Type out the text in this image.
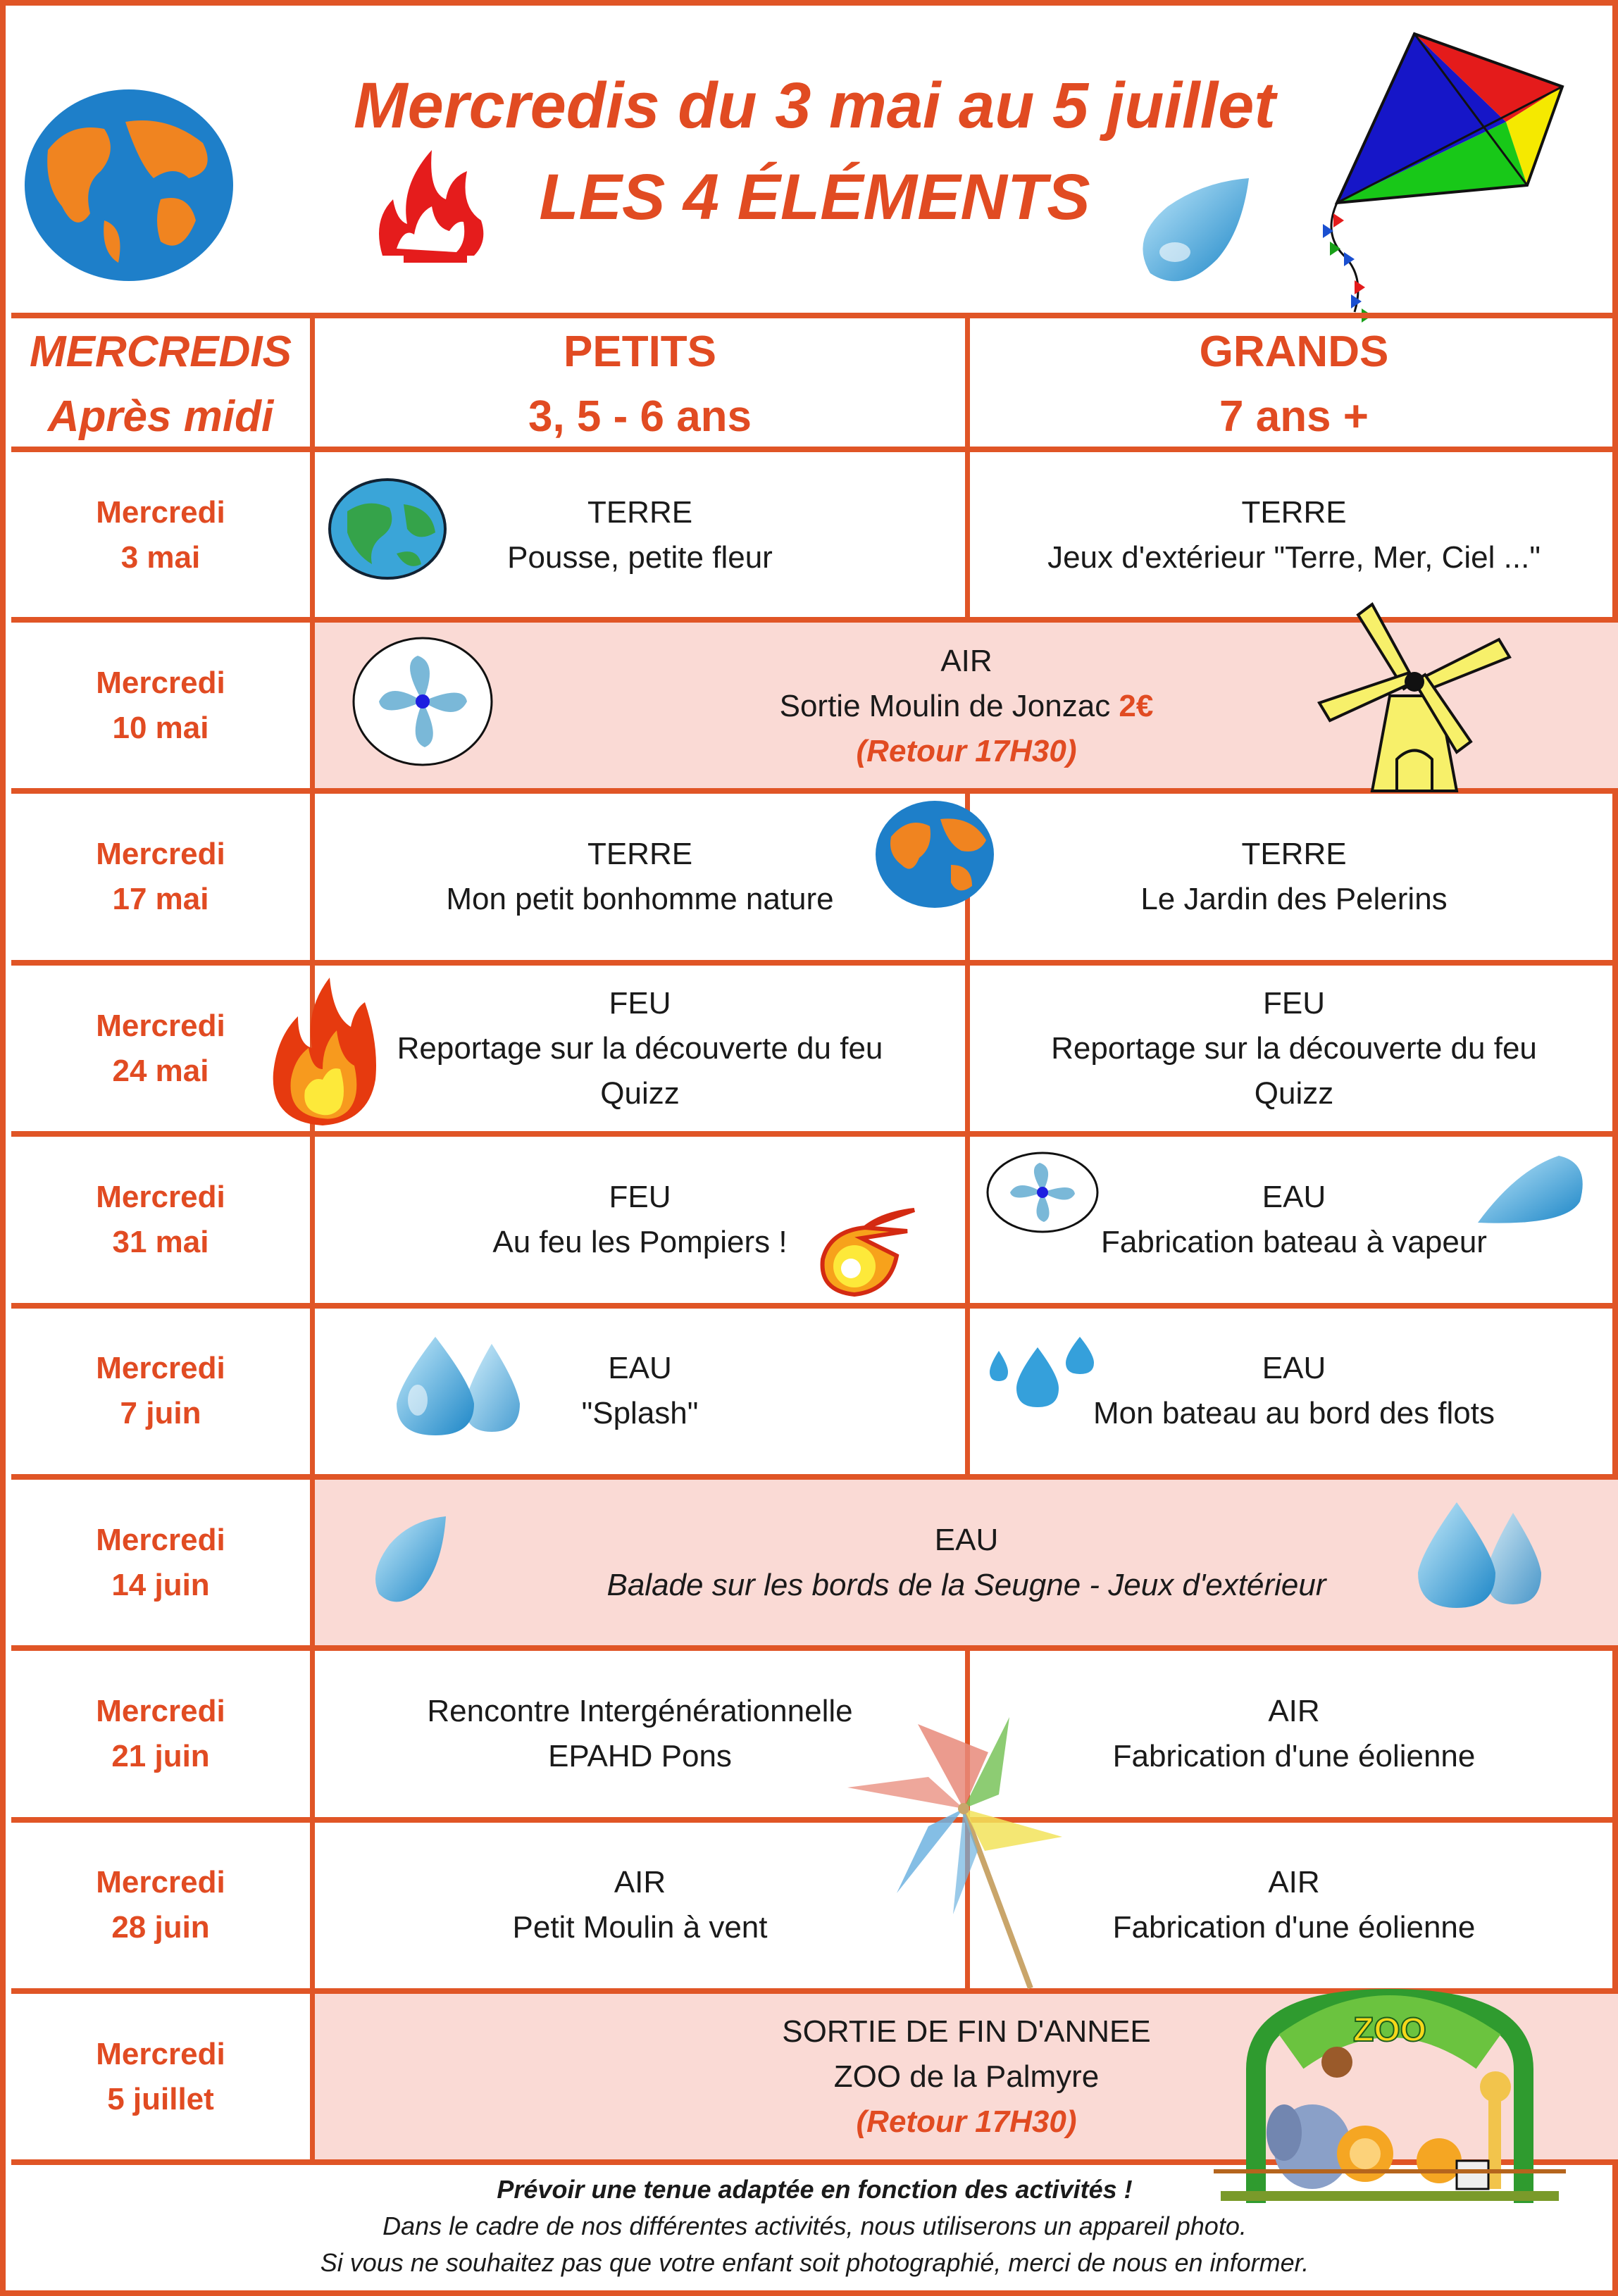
Mercredis du 3 mai au 5 juillet
LES 4 ÉLÉMENTS
MERCREDIS
Après midi
PETITS
3, 5 - 6 ans
GRANDS
7 ans +
Mercredi
3 mai
TERRE
Pousse, petite fleur
TERRE
Jeux d'extérieur "Terre, Mer, Ciel ..."
Mercredi
10 mai
AIR
Sortie Moulin de Jonzac 2€
(Retour 17H30)
Mercredi
17 mai
TERRE
Mon petit bonhomme nature
TERRE
Le Jardin des Pelerins
Mercredi
24 mai
FEU
Reportage sur la découverte du feu
Quizz
FEU
Reportage sur la découverte du feu
Quizz
Mercredi
31 mai
FEU
Au feu les Pompiers !
EAU
Fabrication bateau à vapeur
Mercredi
7 juin
EAU
"Splash"
EAU
Mon bateau au bord des flots
Mercredi
14 juin
EAU
Balade sur les bords de la Seugne - Jeux d'extérieur
Mercredi
21 juin
Rencontre Intergénérationnelle
EPAHD Pons
AIR
Fabrication d'une éolienne
Mercredi
28 juin
AIR
Petit Moulin à vent
AIR
Fabrication d'une éolienne
Mercredi
5 juillet
SORTIE DE FIN D'ANNEE
ZOO de la Palmyre
(Retour 17H30)
ZOO
Prévoir une tenue adaptée en fonction des activités !
Dans le cadre de nos différentes activités, nous utiliserons un appareil photo.
Si vous ne souhaitez pas que votre enfant soit photographié, merci de nous en informer.
